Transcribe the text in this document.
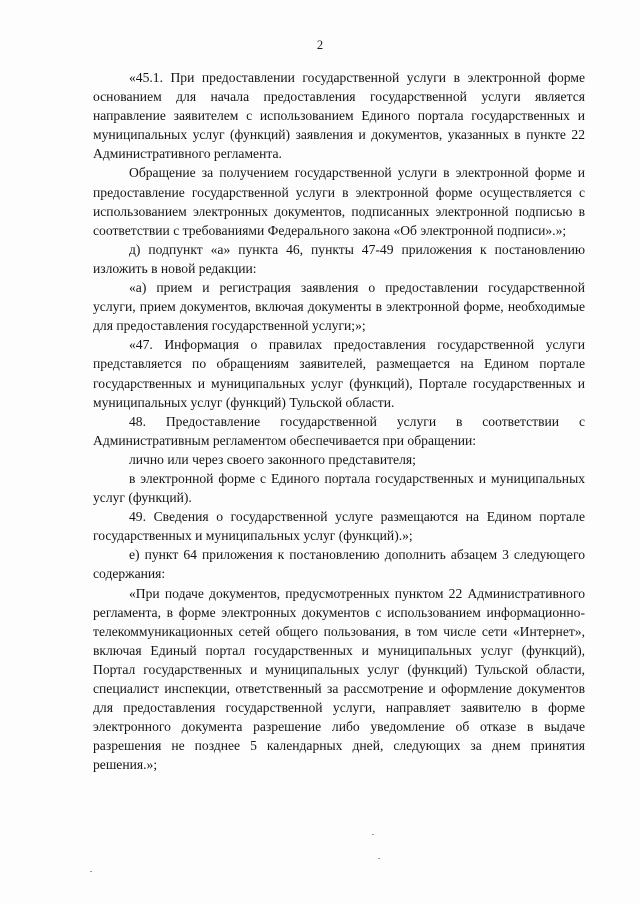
2

«45.1. При предоставлении государственной услуги в электронной форме основанием для начала предоставления государственной услуги является направление заявителем с использованием Единого портала государственных и муниципальных услуг (функций) заявления и документов, указанных в пункте 22 Административного регламента.

Обращение за получением государственной услуги в электронной форме и предоставление государственной услуги в электронной форме осуществляется с использованием электронных документов, подписанных электронной подписью в соответствии с требованиями Федерального закона «Об электронной подписи».»;

д) подпункт «а» пункта 46, пункты 47-49 приложения к постановлению изложить в новой редакции:

«а) прием и регистрация заявления о предоставлении государственной услуги, прием документов, включая документы в электронной форме, необходимые для предоставления государственной услуги;»;

«47. Информация о правилах предоставления государственной услуги представляется по обращениям заявителей, размещается на Едином портале государственных и муниципальных услуг (функций), Портале государственных и муниципальных услуг (функций) Тульской области.

48. Предоставление государственной услуги в соответствии с Административным регламентом обеспечивается при обращении:

лично или через своего законного представителя;

в электронной форме с Единого портала государственных и муниципальных услуг (функций).

49. Сведения о государственной услуге размещаются на Едином портале государственных и муниципальных услуг (функций).»;

е) пункт 64 приложения к постановлению дополнить абзацем 3 следующего содержания:

«При подаче документов, предусмотренных пунктом 22 Административного регламента, в форме электронных документов с использованием информационно-телекоммуникационных сетей общего пользования, в том числе сети «Интернет», включая Единый портал государственных и муниципальных услуг (функций), Портал государственных и муниципальных услуг (функций) Тульской области, специалист инспекции, ответственный за рассмотрение и оформление документов для предоставления государственной услуги, направляет заявителю в форме электронного документа разрешение либо уведомление об отказе в выдаче разрешения не позднее 5 календарных дней, следующих за днем принятия решения.»;
